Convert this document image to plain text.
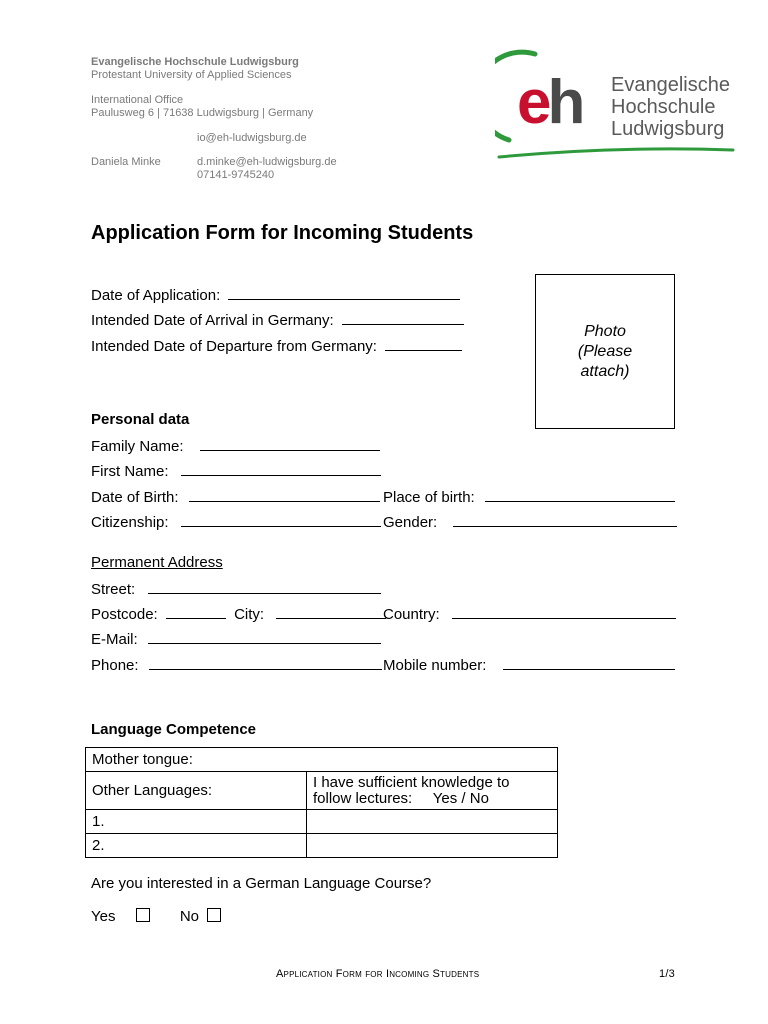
Evangelische Hochschule Ludwigsburg
Protestant University of Applied Sciences
International Office
Paulusweg 6 | 71638 Ludwigsburg | Germany
io@eh-ludwigsburg.de
Daniela Minke	d.minke@eh-ludwigsburg.de
07141-9745240
eh Evangelische
Hochschule
Ludwigsburg
Application Form for Incoming Students
Date of Application:
Intended Date of Arrival in Germany:
Intended Date of Departure from Germany:
Photo
(Please
attach)
Personal data
Family Name:
First Name:
Date of Birth:	Place of birth:
Citizenship:	Gender:
Permanent Address
Street:
Postcode:	City:	Country:
E-Mail:
Phone:	Mobile number:
Language Competence
Mother tongue:	
Other Languages:	I have sufficient knowledge to
follow lectures:     Yes / No

1.	
2.	
Are you interested in a German Language Course?
Yes	No
Application Form for Incoming Students	1/3
